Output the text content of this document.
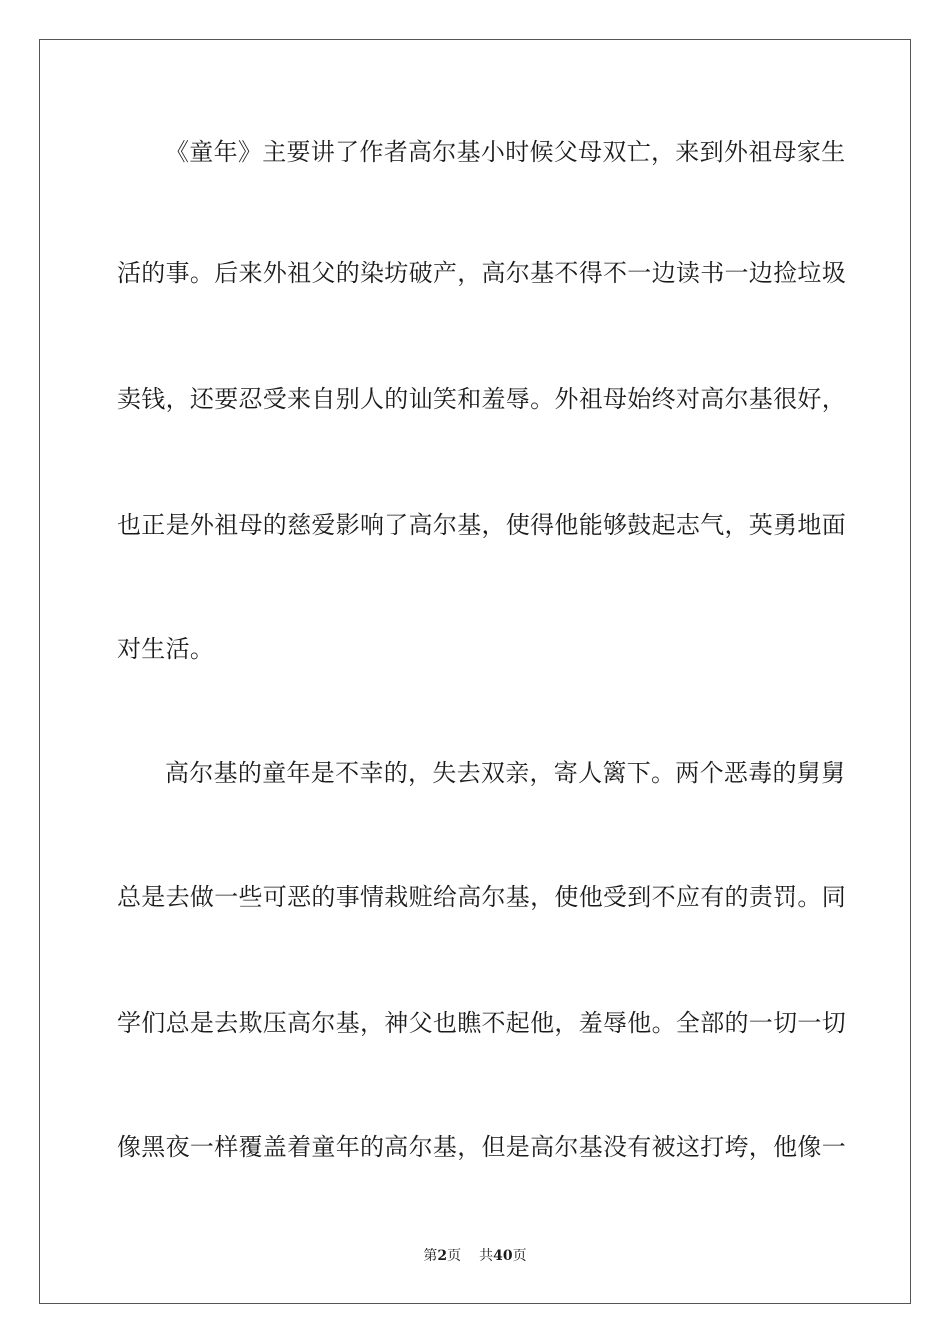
《童年》主要讲了作者高尔基小时候父母双亡，来到外祖母家生
活的事。后来外祖父的染坊破产，高尔基不得不一边读书一边捡垃圾
卖钱，还要忍受来自别人的讪笑和羞辱。外祖母始终对高尔基很好，
也正是外祖母的慈爱影响了高尔基，使得他能够鼓起志气，英勇地面
对生活。
高尔基的童年是不幸的，失去双亲，寄人篱下。两个恶毒的舅舅
总是去做一些可恶的事情栽赃给高尔基，使他受到不应有的责罚。同
学们总是去欺压高尔基，神父也瞧不起他，羞辱他。全部的一切一切
像黑夜一样覆盖着童年的高尔基，但是高尔基没有被这打垮，他像一
第2页 共40页
